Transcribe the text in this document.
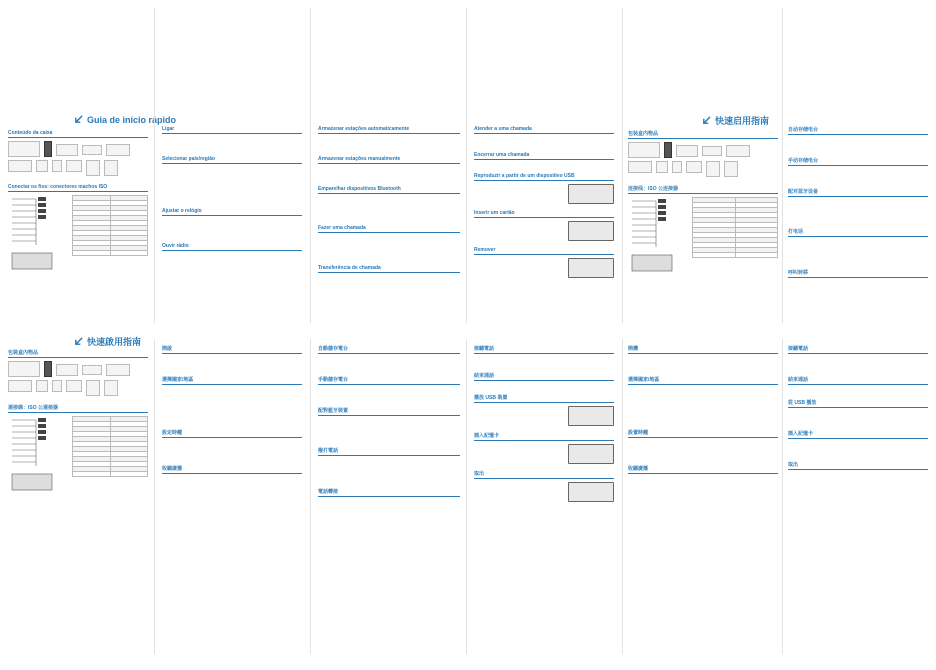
Guia de início rápido
Conteúdo da caixa
Conectar os fios: conectores machos ISO

Ligar

Selecionar país/região

Ajustar o relógio

Ouvir rádio

Armazenar estações automaticamente

Armazenar estações manualmente

Emparelhar dispositivos Bluetooth

Fazer uma chamada

Transferência de chamada

Atender a uma chamada

Encerrar uma chamada

Reproduzir a partir de um dispositivo USB

Inserir um cartão

Remover

快速启用指南
包装盒内物品
连接线：ISO 公连接器

自动存储电台

手动存储电台

配对蓝牙设备

打电话

呼叫转移

快速啟用指南
包裝盒內物品
連接線：ISO 公連接器

開啟

選擇國家/地區

設定時鐘

收聽廣播

自動儲存電台

手動儲存電台

配對藍牙裝置

撥打電話

電話轉接

接聽電話

結束通話

播放 USB 裝置

插入記憶卡

取出

開機

選擇國家/地區

設置時鐘

收聽廣播

接聽電話

結束通話

從 USB 播放

插入記憶卡

取出
